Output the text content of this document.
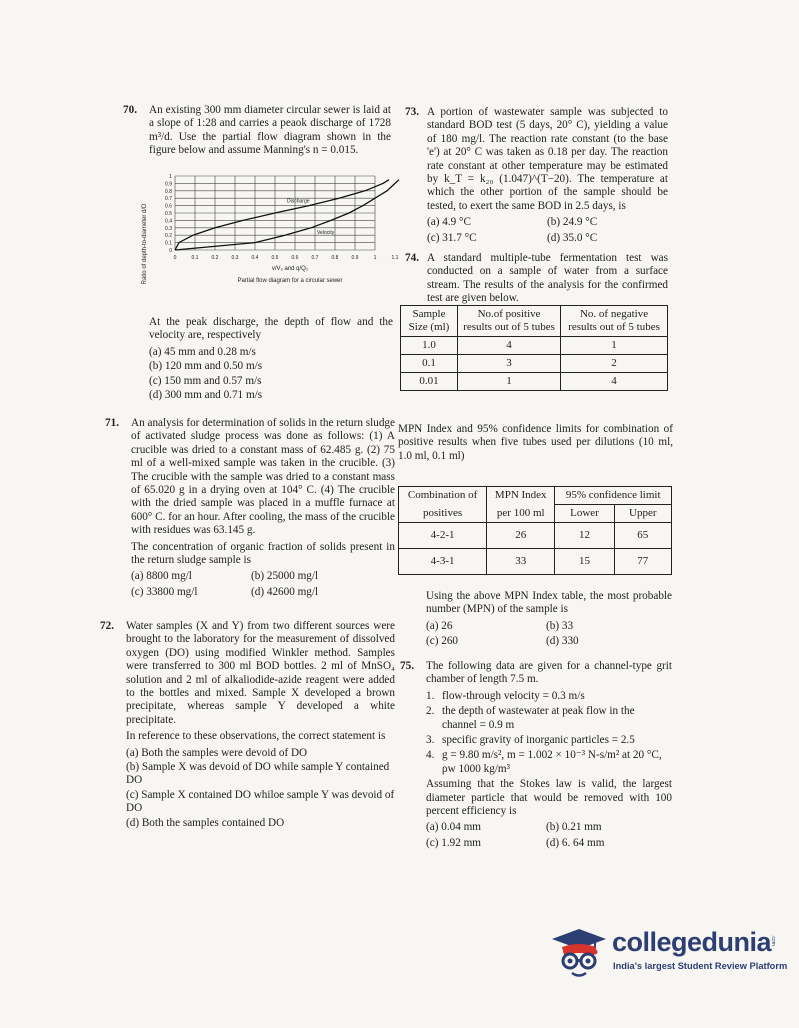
70. An existing 300 mm diameter circular sewer is laid at a slope of 1:28 and carries a peaok discharge of 1728 m³/d. Use the partial flow diagram shown in the figure below and assume Manning's n = 0.015.

0
0.1
0.2
0.3
0.4
0.5
0.6
0.7
0.8
0.9
1
0	0.1	0.2	0.3	0.4	0.5	0.6	0.7	0.8	0.9	1	1.1
Discharge
Velocity
Ratio of depth-to-diameter d/D	v/V₂ and q/Q₂
Partial flow diagram for a circular sewer

At the peak discharge, the depth of flow and the velocity are, respectively

(a) 45 mm and 0.28 m/s
(b) 120 mm and 0.50 m/s
(c) 150 mm and 0.57 m/s
(d) 300 mm and 0.71 m/s
71. An analysis for determination of solids in the return sludge of activated sludge process was done as follows: (1) A crucible was dried to a constant mass of 62.485 g. (2) 75 ml of a well-mixed sample was taken in the crucible. (3) The crucible with the sample was dried to a constant mass of 65.020 g in a drying oven at 104° C. (4) The crucible with the dried sample was placed in a muffle furnace at 600° C. for an hour. After cooling, the mass of the crucible with residues was 63.145 g.

The concentration of organic fraction of solids present in the return sludge sample is

(a) 8800 mg/l	(b) 25000 mg/l
(c) 33800 mg/l	(d) 42600 mg/l
72. Water samples (X and Y) from two different sources were brought to the laboratory for the measurement of dissolved oxygen (DO) using modified Winkler method. Samples were transferred to 300 ml BOD bottles. 2 ml of MnSO₄ solution and 2 ml of alkaliodide-azide reagent were added to the bottles and mixed. Sample X developed a brown precipitate, whereas sample Y developed a white precipitate.

In reference to these observations, the correct statement is

(a) Both the samples were devoid of DO
(b) Sample X was devoid of DO while sample Y contained DO
(c) Sample X contained DO whiloe sample Y was devoid of DO
(d) Both the samples contained DO
73. A portion of wastewater sample was subjected to standard BOD test (5 days, 20° C), yielding a value of 180 mg/l. The reaction rate constant (to the base 'e') at 20° C was taken as 0.18 per day. The reaction rate constant at other temperature may be estimated by k_T = k₂₀ (1.047)^(T−20). The temperature at which the other portion of the sample should be tested, to exert the same BOD in 2.5 days, is

(a) 4.9 °C	(b) 24.9 °C
(c) 31.7 °C	(d) 35.0 °C
74. A standard multiple-tube fermentation test was conducted on a sample of water from a surface stream. The results of the analysis for the confirmed test are given below.

Sample Size (ml)	No.of positive results out of 5 tubes	No. of negative results out of 5 tubes
1.0	4	1
0.1	3	2
0.01	1	4

MPN Index and 95% confidence limits for combination of positive results when five tubes used per dilutions (10 ml, 1.0 ml, 0.1 ml)

Combination of	MPN Index	95% confidence limit	
positives	per 100 ml	Lower	Upper
4-2-1	26	12	65
4-3-1	33	15	77

Using the above MPN Index table, the most probable number (MPN) of the sample is

(a) 26	(b) 33
(c) 260	(d) 330
75. The following data are given for a channel-type grit chamber of length 7.5 m.

1. flow-through velocity = 0.3 m/s
2. the depth of wastewater at peak flow in the channel = 0.9 m
3. specific gravity of inorganic particles = 2.5
4. g = 9.80 m/s², m = 1.002 × 10⁻³ N-s/m² at 20 °C, ρw 1000 kg/m³

Assuming that the Stokes law is valid, the largest diameter particle that would be removed with 100 percent efficiency is

(a) 0.04 mm	(b) 0.21 mm
(c) 1.92 mm	(d) 6. 64 mm
collegedunia
.com
India's largest Student Review Platform
